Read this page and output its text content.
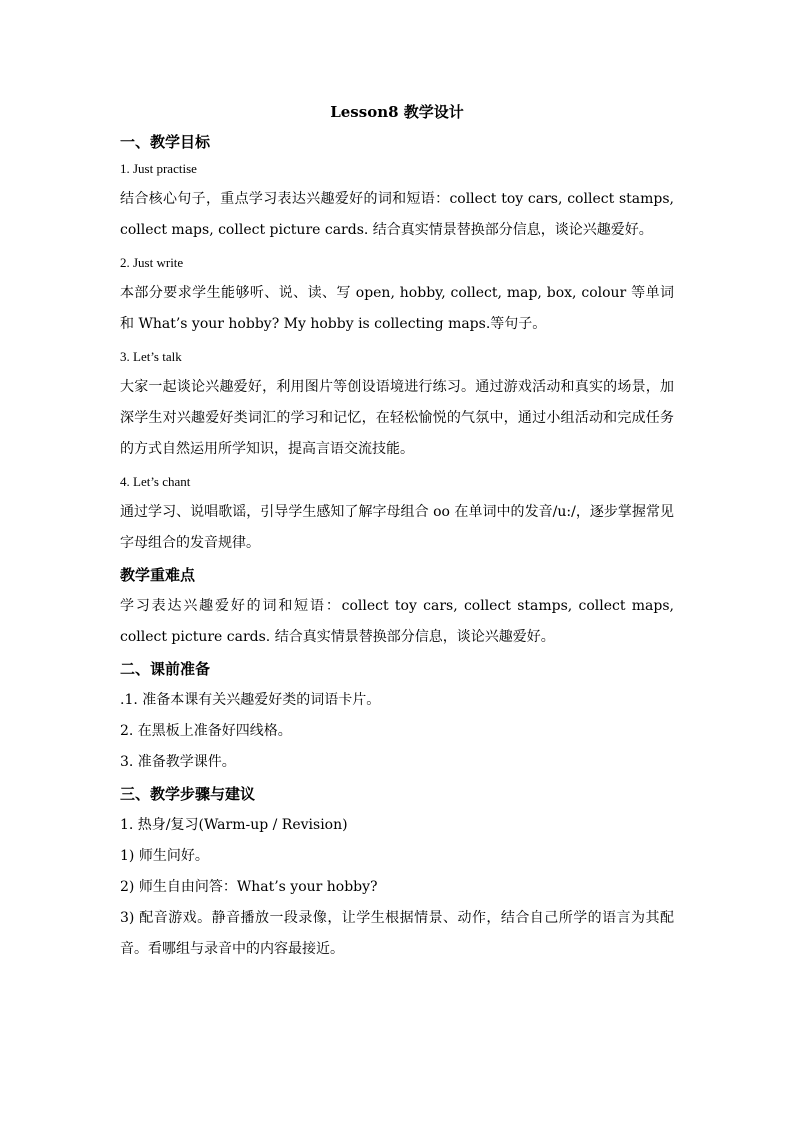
Lesson8 教学设计
一、教学目标
1. Just practise

结合核心句子，重点学习表达兴趣爱好的词和短语：collect toy cars, collect stamps, collect maps, collect picture cards. 结合真实情景替换部分信息，谈论兴趣爱好。

2. Just write

本部分要求学生能够听、说、读、写 open, hobby, collect, map, box, colour 等单词和 What’s your hobby? My hobby is collecting maps.等句子。

3. Let’s talk

大家一起谈论兴趣爱好，利用图片等创设语境进行练习。通过游戏活动和真实的场景，加深学生对兴趣爱好类词汇的学习和记忆，在轻松愉悦的气氛中，通过小组活动和完成任务的方式自然运用所学知识，提高言语交流技能。

4. Let’s chant

通过学习、说唱歌谣，引导学生感知了解字母组合 oo 在单词中的发音/u:/，逐步掌握常见字母组合的发音规律。

教学重难点

学习表达兴趣爱好的词和短语：collect toy cars, collect stamps, collect maps, collect picture cards. 结合真实情景替换部分信息，谈论兴趣爱好。

二、课前准备

.1. 准备本课有关兴趣爱好类的词语卡片。

2. 在黑板上准备好四线格。

3. 准备教学课件。

三、教学步骤与建议

1. 热身/复习(Warm-up / Revision)

1) 师生问好。

2) 师生自由问答：What’s your hobby?

3) 配音游戏。静音播放一段录像，让学生根据情景、动作，结合自己所学的语言为其配音。看哪组与录音中的内容最接近。
